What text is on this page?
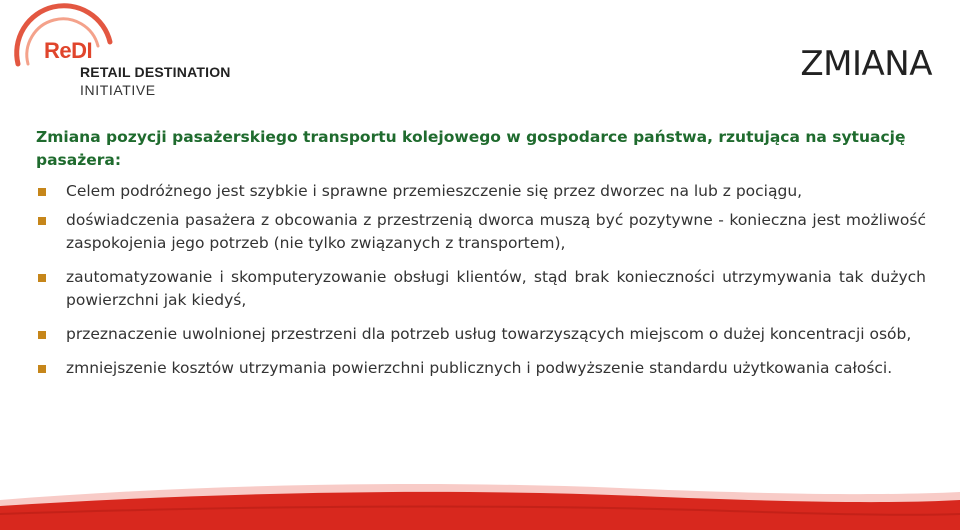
ReDI
RETAIL DESTINATION
INITIATIVE
ZMIANA
Zmiana pozycji pasażerskiego transportu kolejowego w gospodarce państwa, rzutująca na sytuację pasażera:
Celem podróżnego jest szybkie i sprawne przemieszczenie się przez dworzec na lub z pociągu,
doświadczenia pasażera z obcowania z przestrzenią dworca muszą być pozytywne - konieczna jest możliwość zaspokojenia jego potrzeb (nie tylko związanych z transportem),
zautomatyzowanie i skomputeryzowanie obsługi klientów, stąd brak konieczności utrzymywania tak dużych powierzchni jak kiedyś,
przeznaczenie uwolnionej przestrzeni dla potrzeb usług towarzyszących miejscom o dużej koncentracji osób,
zmniejszenie kosztów utrzymania powierzchni publicznych i podwyższenie standardu użytkowania całości.
